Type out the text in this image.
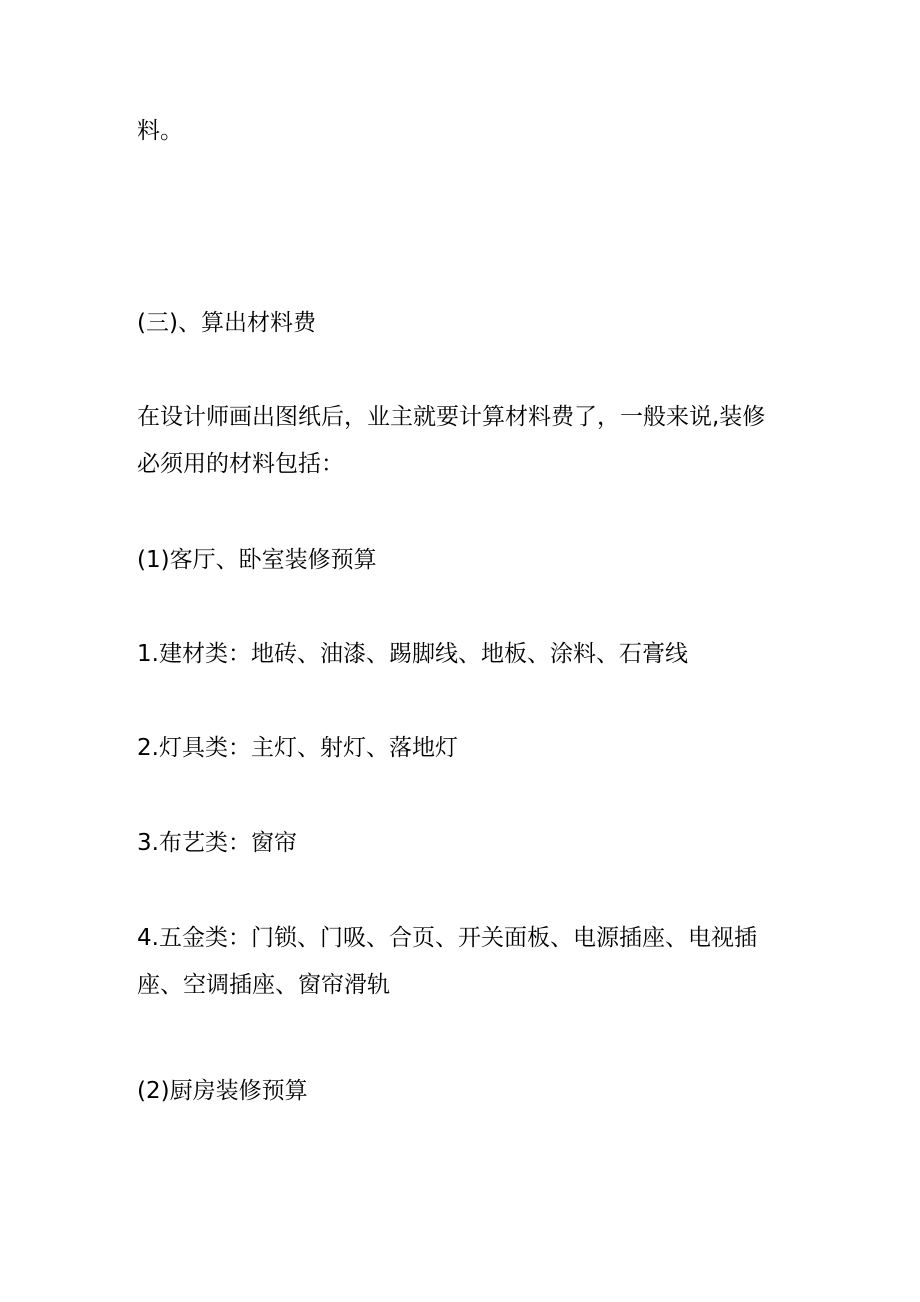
料。

(三)、算出材料费

在设计师画出图纸后，业主就要计算材料费了，一般来说,装修
必须用的材料包括：

(1)客厅、卧室装修预算

1.建材类：地砖、油漆、踢脚线、地板、涂料、石膏线

2.灯具类：主灯、射灯、落地灯

3.布艺类：窗帘

4.五金类：门锁、门吸、合页、开关面板、电源插座、电视插
座、空调插座、窗帘滑轨

(2)厨房装修预算
